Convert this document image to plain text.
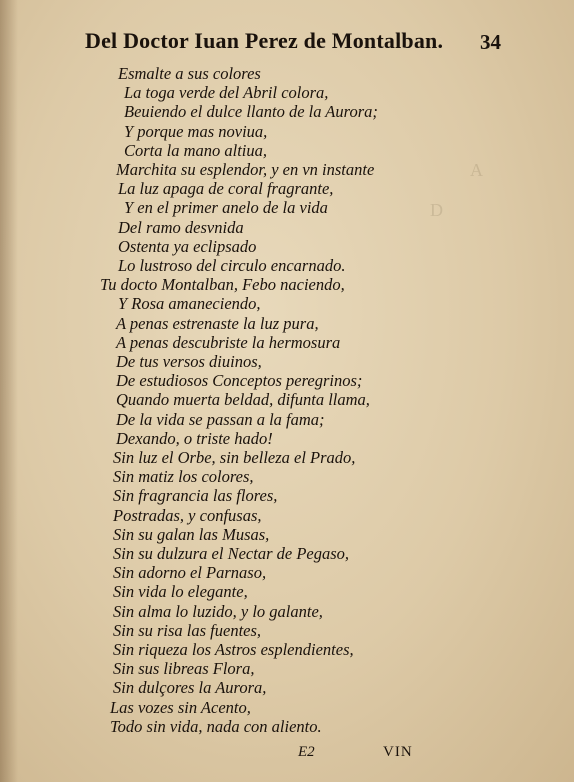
A
D
Del Doctor Iuan Perez de Montalban. 34
Esmalte a sus colores
La toga verde del Abril colora,
Beuiendo el dulce llanto de la Aurora;
Y porque mas noviua,
Corta la mano altiua,
Marchita su esplendor, y en vn instante
La luz apaga de coral fragrante,
Y en el primer anelo de la vida
Del ramo desvnida
Ostenta ya eclipsado
Lo lustroso del circulo encarnado.
Tu docto Montalban, Febo naciendo,
Y Rosa amaneciendo,
A penas estrenaste la luz pura,
A penas descubriste la hermosura
De tus versos diuinos,
De estudiosos Conceptos peregrinos;
Quando muerta beldad, difunta llama,
De la vida se passan a la fama;
Dexando, o triste hado!
Sin luz el Orbe, sin belleza el Prado,
Sin matiz los colores,
Sin fragrancia las flores,
Postradas, y confusas,
Sin su galan las Musas,
Sin su dulzura el Nectar de Pegaso,
Sin adorno el Parnaso,
Sin vida lo elegante,
Sin alma lo luzido, y lo galante,
Sin su risa las fuentes,
Sin riqueza los Astros esplendientes,
Sin sus libreas Flora,
Sin dulçores la Aurora,
Las vozes sin Acento,
Todo sin vida, nada con aliento.
E2	VIN
